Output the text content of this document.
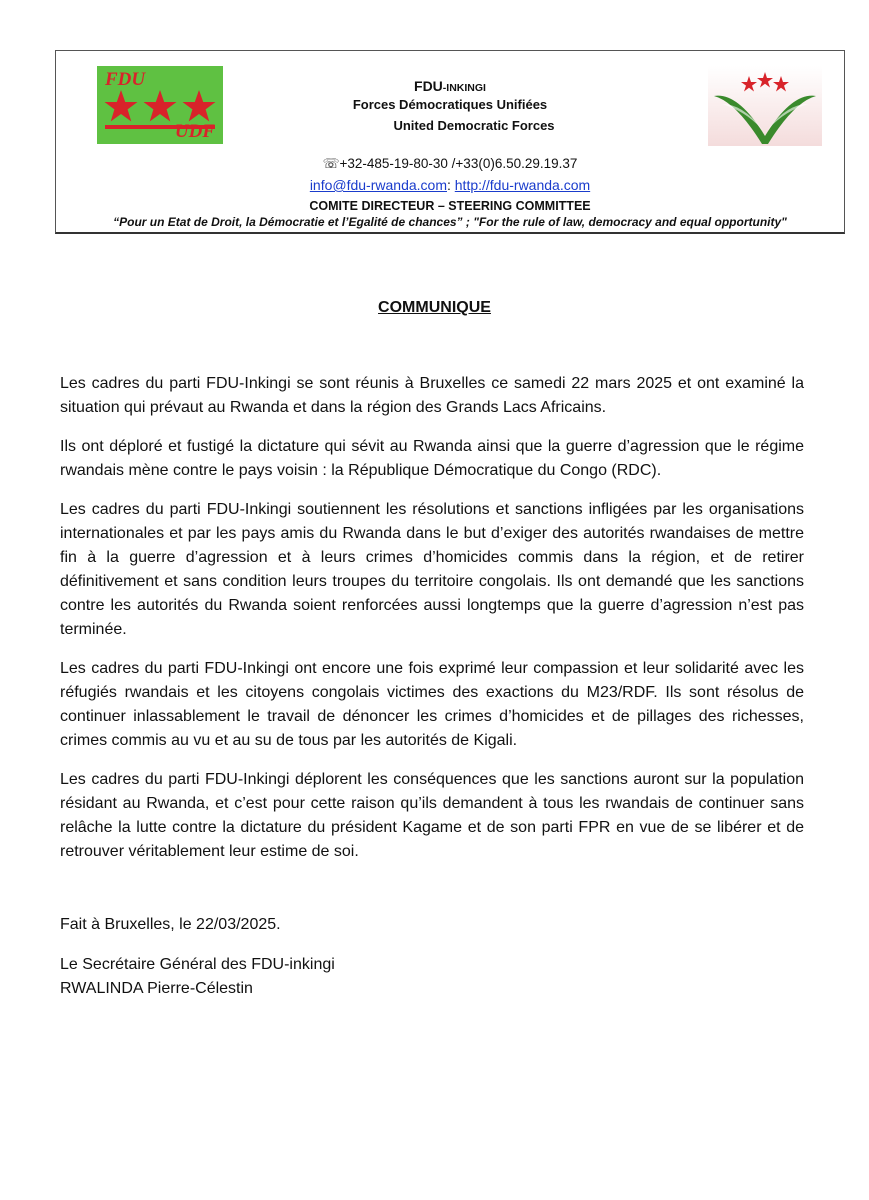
FDU
UDF
FDU-INKINGI
Forces Démocratiques Unifiées
United Democratic Forces
☏+32-485-19-80-30 /+33(0)6.50.29.19.37
info@fdu-rwanda.com: http://fdu-rwanda.com
COMITE DIRECTEUR – STEERING COMMITTEE
“Pour un Etat de Droit, la Démocratie et l’Egalité de chances” ; "For the rule of law, democracy and equal opportunity"
COMMUNIQUE

Les cadres du parti FDU-Inkingi se sont réunis à Bruxelles ce samedi 22 mars 2025 et ont examiné la situation qui prévaut au Rwanda et dans la région des Grands Lacs Africains.

Ils ont déploré et fustigé la dictature qui sévit au Rwanda ainsi que la guerre d’agression que le régime rwandais mène contre le pays voisin : la République Démocratique du Congo (RDC).

Les cadres du parti FDU-Inkingi soutiennent les résolutions et sanctions infligées par les organisations internationales et par les pays amis du Rwanda dans le but d’exiger des autorités rwandaises de mettre fin à la guerre d’agression et à leurs crimes d’homicides commis dans la région, et de retirer définitivement et sans condition leurs troupes du territoire congolais. Ils ont demandé que les sanctions contre les autorités du Rwanda soient renforcées aussi longtemps que la guerre d’agression n’est pas terminée.

Les cadres du parti FDU-Inkingi ont encore une fois exprimé leur compassion et leur solidarité avec les réfugiés rwandais et les citoyens congolais victimes des exactions du M23/RDF. Ils sont résolus de continuer inlassablement le travail de dénoncer les crimes d’homicides et de pillages des richesses, crimes commis au vu et au su de tous par les autorités de Kigali.

Les cadres du parti FDU-Inkingi déplorent les conséquences que les sanctions auront sur la population résidant au Rwanda, et c’est pour cette raison qu’ils demandent à tous les rwandais de continuer sans relâche la lutte contre la dictature du président Kagame et de son parti FPR en vue de se libérer et de retrouver véritablement leur estime de soi.

Fait à Bruxelles, le 22/03/2025.
Le Secrétaire Général des FDU-inkingi
RWALINDA Pierre-Célestin
